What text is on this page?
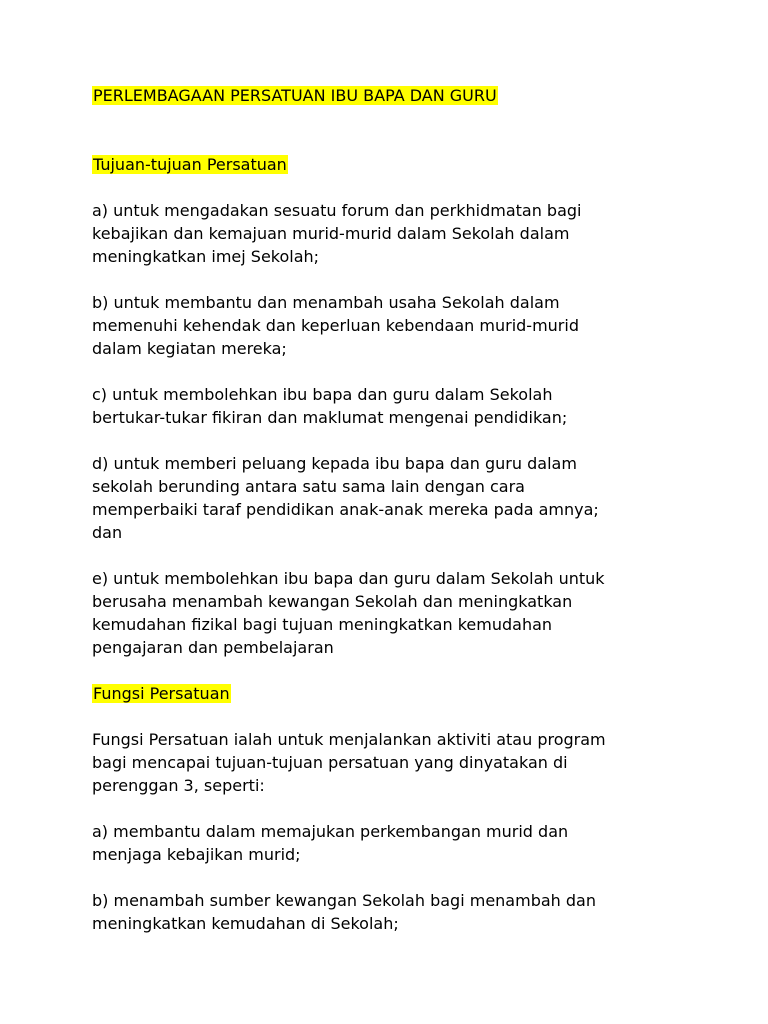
PERLEMBAGAAN PERSATUAN IBU BAPA DAN GURU
Tujuan-tujuan Persatuan
a) untuk mengadakan sesuatu forum dan perkhidmatan bagi
kebajikan dan kemajuan murid-murid dalam Sekolah dalam
meningkatkan imej Sekolah;
b) untuk membantu dan menambah usaha Sekolah dalam
memenuhi kehendak dan keperluan kebendaan murid-murid
dalam kegiatan mereka;
c) untuk membolehkan ibu bapa dan guru dalam Sekolah
bertukar-tukar fikiran dan maklumat mengenai pendidikan;
d) untuk memberi peluang kepada ibu bapa dan guru dalam
sekolah berunding antara satu sama lain dengan cara
memperbaiki taraf pendidikan anak-anak mereka pada amnya;
dan
e) untuk membolehkan ibu bapa dan guru dalam Sekolah untuk
berusaha menambah kewangan Sekolah dan meningkatkan
kemudahan fizikal bagi tujuan meningkatkan kemudahan
pengajaran dan pembelajaran
Fungsi Persatuan
Fungsi Persatuan ialah untuk menjalankan aktiviti atau program
bagi mencapai tujuan-tujuan persatuan yang dinyatakan di
perenggan 3, seperti:
a) membantu dalam memajukan perkembangan murid dan
menjaga kebajikan murid;
b) menambah sumber kewangan Sekolah bagi menambah dan
meningkatkan kemudahan di Sekolah;
